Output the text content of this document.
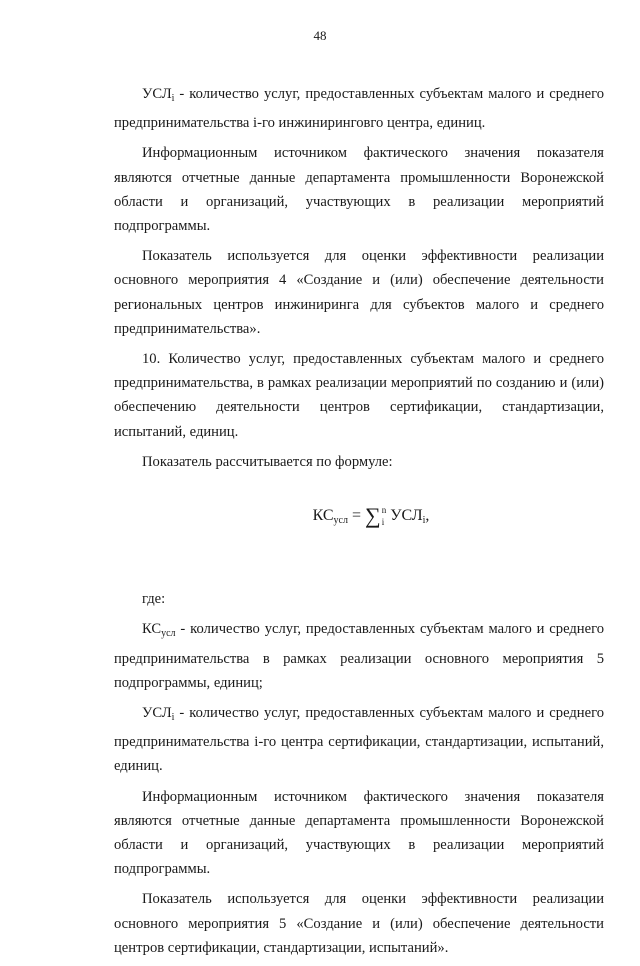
48

$УСЛ_i$ - количество услуг, предоставленных субъектам малого и среднего предпринимательства i-го инжиниринговго центра, единиц.

Информационным источником фактического значения показателя являются отчетные данные департамента промышленности Воронежской области и организаций, участвующих в реализации мероприятий подпрограммы.

Показатель используется для оценки эффективности реализации основного мероприятия 4 «Создание и (или) обеспечение деятельности региональных центров инжиниринга для субъектов малого и среднего предпринимательства».

10. Количество услуг, предоставленных субъектам малого и среднего предпринимательства, в рамках реализации мероприятий по созданию и (или) обеспечению деятельности центров сертификации, стандартизации, испытаний, единиц.

Показатель рассчитывается по формуле:

$КС_{усл}$ = ∑ n
i $УСЛ_i$,

где:

$КС_{усл}$ - количество услуг, предоставленных субъектам малого и среднего предпринимательства в рамках реализации основного мероприятия 5 подпрограммы, единиц;

$УСЛ_i$ - количество услуг, предоставленных субъектам малого и среднего предпринимательства i-го центра сертификации, стандартизации, испытаний, единиц.

Информационным источником фактического значения показателя являются отчетные данные департамента промышленности Воронежской области и организаций, участвующих в реализации мероприятий подпрограммы.

Показатель используется для оценки эффективности реализации основного мероприятия 5 «Создание и (или) обеспечение деятельности центров сертификации, стандартизации, испытаний».
